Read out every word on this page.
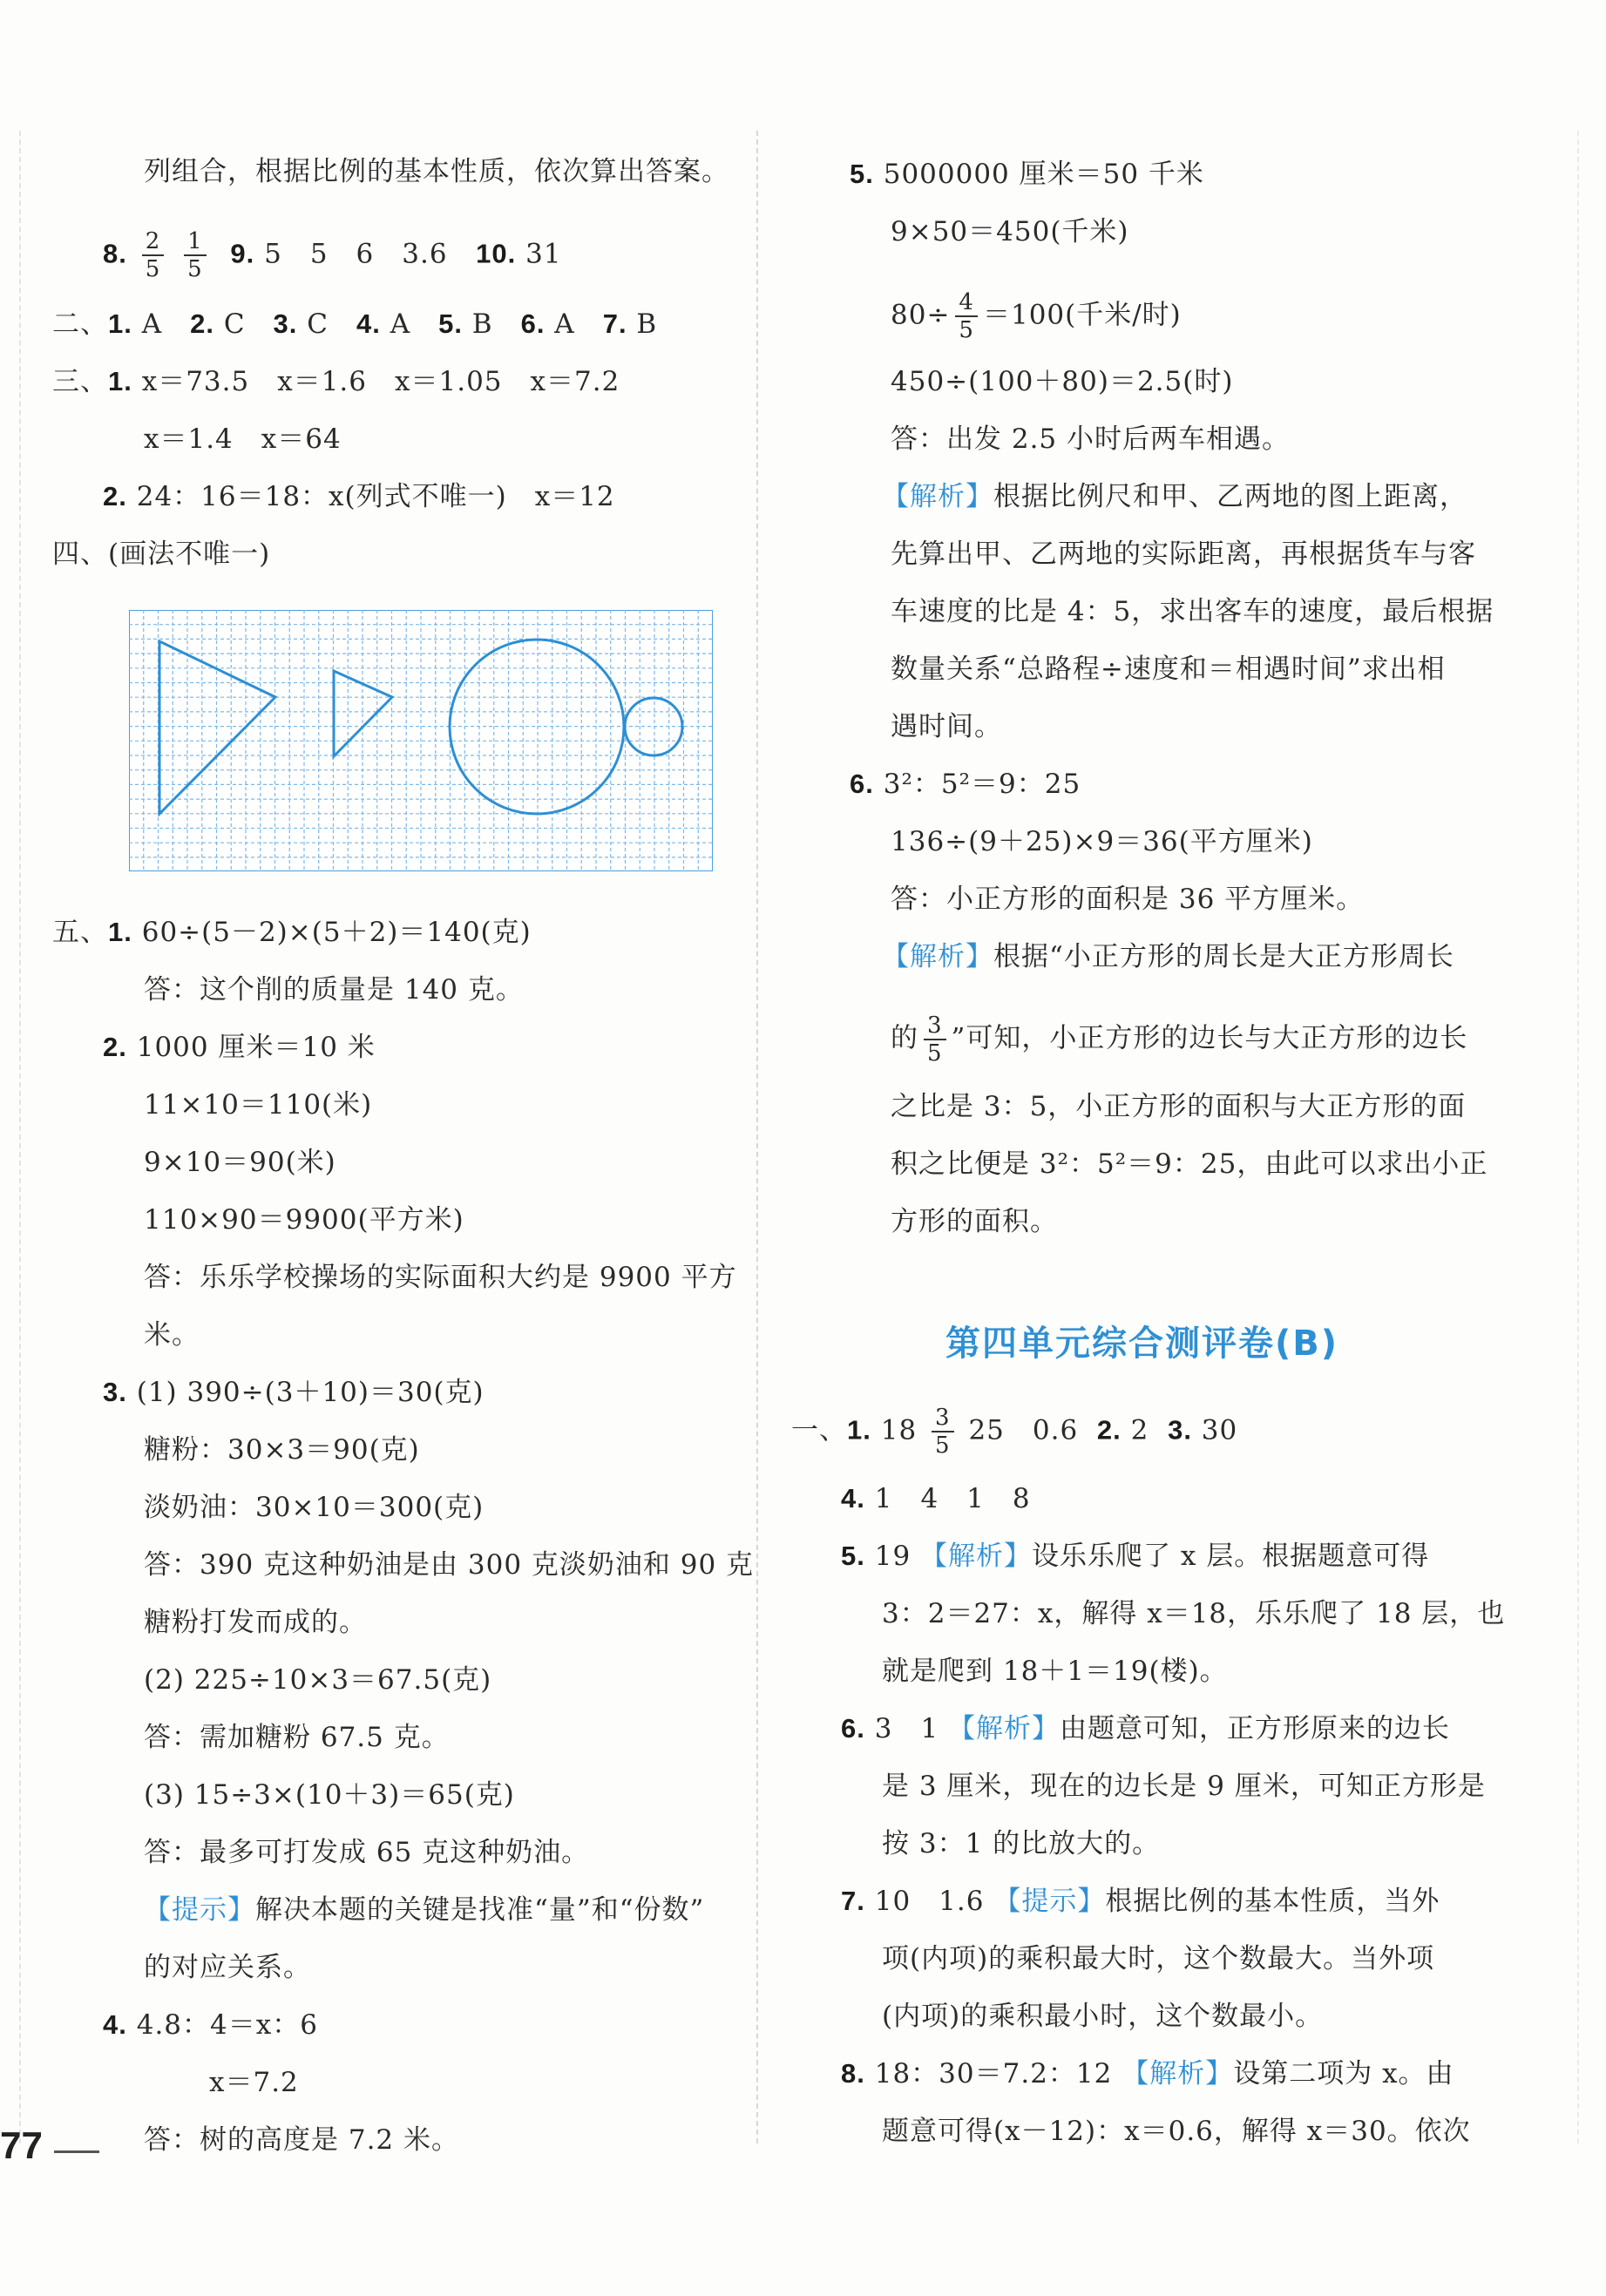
列组合，根据比例的基本性质，依次算出答案。
8. $\frac{2}{5}$
$\frac{1}{5} 9$. 5　5　6　3.6 10. 31
二、1. A　2. C　3. C　4. A　5. B　6. A　7. B　
三、1. x＝73.5　x＝1.6　x＝1.05　x＝7.2
x＝1.4　x＝64
2. 24：16＝18：x(列式不唯一)　x＝12
四、(画法不唯一)
五、1. 60÷(5－2)×(5＋2)＝140(克)
答：这个削的质量是 140 克。
2. 1000 厘米＝10 米
11×10＝110(米)
9×10＝90(米)
110×90＝9900(平方米)
答：乐乐学校操场的实际面积大约是 9900 平方
米。
3. (1) 390÷(3＋10)＝30(克)
糖粉：30×3＝90(克)
淡奶油：30×10＝300(克)
答：390 克这种奶油是由 300 克淡奶油和 90 克
糖粉打发而成的。
(2) 225÷10×3＝67.5(克)
答：需加糖粉 67.5 克。
(3) 15÷3×(10＋3)＝65(克)
答：最多可打发成 65 克这种奶油。
【提示】解决本题的关键是找准“量”和“份数”
的对应关系。
4. 4.8：4＝x：6
x＝7.2
答：树的高度是 7.2 米。
77
5. 5000000 厘米＝50 千米
9×50＝450(千米)
$80\div \frac{4}{5} =100$(千米/时)
450÷(100＋80)＝2.5(时)
答：出发 2.5 小时后两车相遇。
【解析】根据比例尺和甲、乙两地的图上距离，
先算出甲、乙两地的实际距离，再根据货车与客
车速度的比是 4：5，求出客车的速度，最后根据
数量关系“总路程÷速度和＝相遇时间”求出相
遇时间。
6. 3²：5²＝9：25
136÷(9＋25)×9＝36(平方厘米)
答：小正方形的面积是 36 平方厘米。
【解析】根据“小正方形的周长是大正方形周长
的 $\frac{3}{5}$ ”可知，小正方形的边长与大正方形的边长
之比是 3：5，小正方形的面积与大正方形的面
积之比便是 3²：5²＝9：25，由此可以求出小正
方形的面积。
第四单元综合测评卷(B)
一、1. $18 \frac{3}{5} 25$　0.6 2. 2 3. 30
4. 1　4　1　8
5. 19 【解析】设乐乐爬了 x 层。根据题意可得
3：2＝27：x，解得 x＝18，乐乐爬了 18 层，也
就是爬到 18＋1＝19(楼)。
6. 3　1 【解析】由题意可知，正方形原来的边长
是 3 厘米，现在的边长是 9 厘米，可知正方形是
按 3：1 的比放大的。
7. 10　1.6 【提示】根据比例的基本性质，当外
项(内项)的乘积最大时，这个数最大。当外项
(内项)的乘积最小时，这个数最小。
8. 18：30＝7.2：12 【解析】设第二项为 x。由
题意可得(x－12)：x＝0.6，解得 x＝30。依次
